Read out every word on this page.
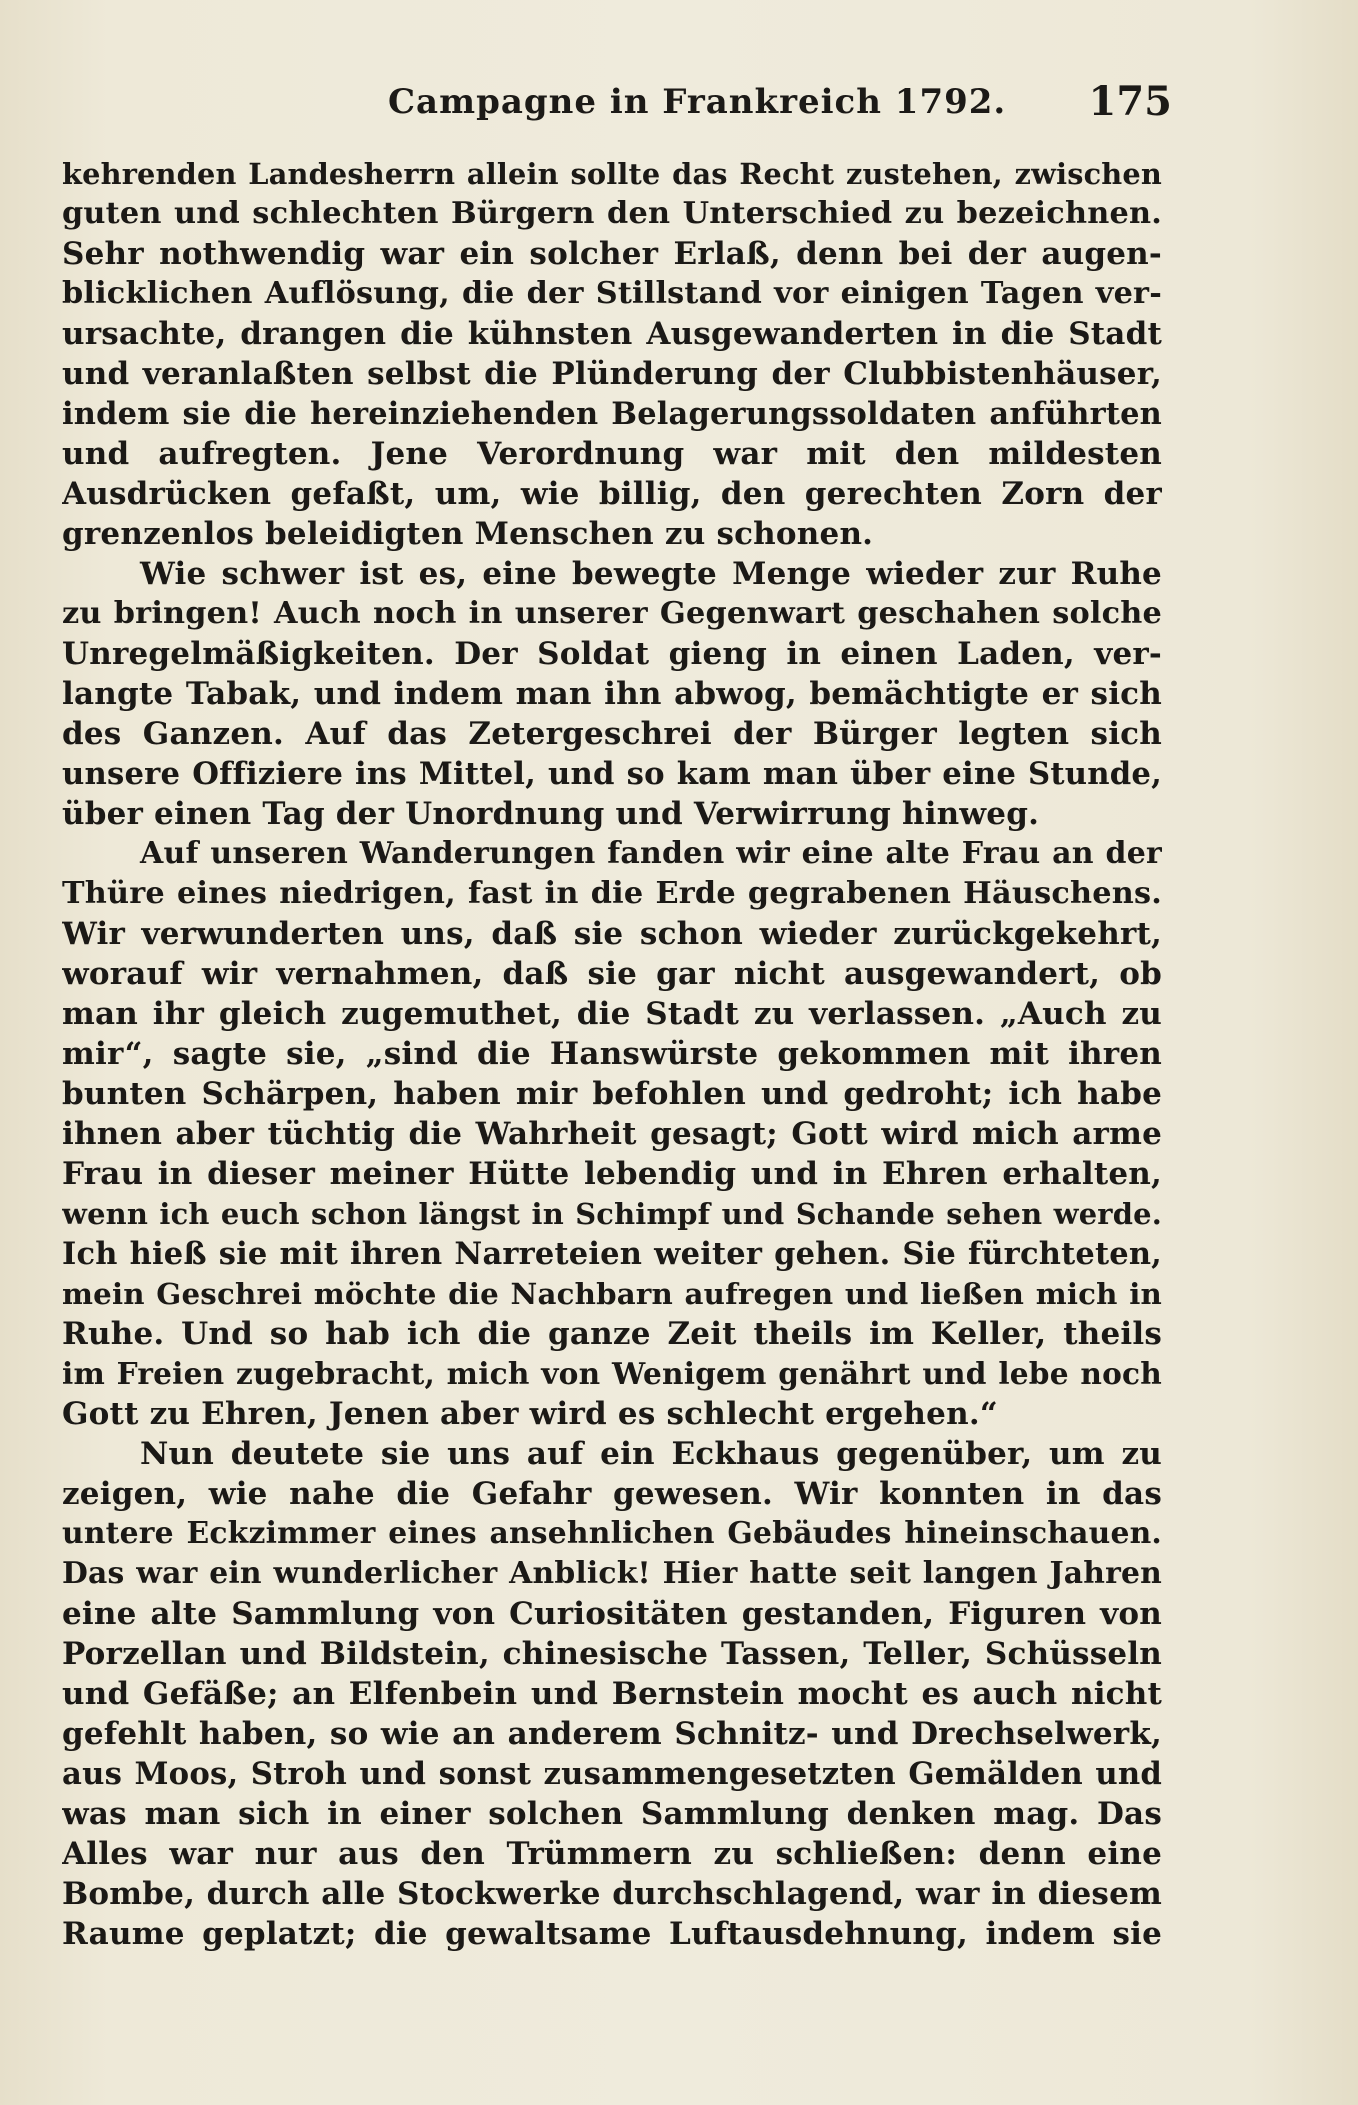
Campagne in Frankreich 1792. 175
kehrenden Landesherrn allein sollte das Recht zustehen, zwischen
guten und schlechten Bürgern den Unterschied zu bezeichnen.
Sehr nothwendig war ein solcher Erlaß, denn bei der augen-
blicklichen Auflösung, die der Stillstand vor einigen Tagen ver-
ursachte, drangen die kühnsten Ausgewanderten in die Stadt
und veranlaßten selbst die Plünderung der Clubbistenhäuser,
indem sie die hereinziehenden Belagerungssoldaten anführten
und aufregten. Jene Verordnung war mit den mildesten
Ausdrücken gefaßt, um, wie billig, den gerechten Zorn der
grenzenlos beleidigten Menschen zu schonen.
Wie schwer ist es, eine bewegte Menge wieder zur Ruhe
zu bringen! Auch noch in unserer Gegenwart geschahen solche
Unregelmäßigkeiten. Der Soldat gieng in einen Laden, ver-
langte Tabak, und indem man ihn abwog, bemächtigte er sich
des Ganzen. Auf das Zetergeschrei der Bürger legten sich
unsere Offiziere ins Mittel, und so kam man über eine Stunde,
über einen Tag der Unordnung und Verwirrung hinweg.
Auf unseren Wanderungen fanden wir eine alte Frau an der
Thüre eines niedrigen, fast in die Erde gegrabenen Häuschens.
Wir verwunderten uns, daß sie schon wieder zurückgekehrt,
worauf wir vernahmen, daß sie gar nicht ausgewandert, ob
man ihr gleich zugemuthet, die Stadt zu verlassen. „Auch zu
mir“, sagte sie, „sind die Hanswürste gekommen mit ihren
bunten Schärpen, haben mir befohlen und gedroht; ich habe
ihnen aber tüchtig die Wahrheit gesagt; Gott wird mich arme
Frau in dieser meiner Hütte lebendig und in Ehren erhalten,
wenn ich euch schon längst in Schimpf und Schande sehen werde.
Ich hieß sie mit ihren Narreteien weiter gehen. Sie fürchteten,
mein Geschrei möchte die Nachbarn aufregen und ließen mich in
Ruhe. Und so hab ich die ganze Zeit theils im Keller, theils
im Freien zugebracht, mich von Wenigem genährt und lebe noch
Gott zu Ehren, Jenen aber wird es schlecht ergehen.“
Nun deutete sie uns auf ein Eckhaus gegenüber, um zu
zeigen, wie nahe die Gefahr gewesen. Wir konnten in das
untere Eckzimmer eines ansehnlichen Gebäudes hineinschauen.
Das war ein wunderlicher Anblick! Hier hatte seit langen Jahren
eine alte Sammlung von Curiositäten gestanden, Figuren von
Porzellan und Bildstein, chinesische Tassen, Teller, Schüsseln
und Gefäße; an Elfenbein und Bernstein mocht es auch nicht
gefehlt haben, so wie an anderem Schnitz- und Drechselwerk,
aus Moos, Stroh und sonst zusammengesetzten Gemälden und
was man sich in einer solchen Sammlung denken mag. Das
Alles war nur aus den Trümmern zu schließen: denn eine
Bombe, durch alle Stockwerke durchschlagend, war in diesem
Raume geplatzt; die gewaltsame Luftausdehnung, indem sie
